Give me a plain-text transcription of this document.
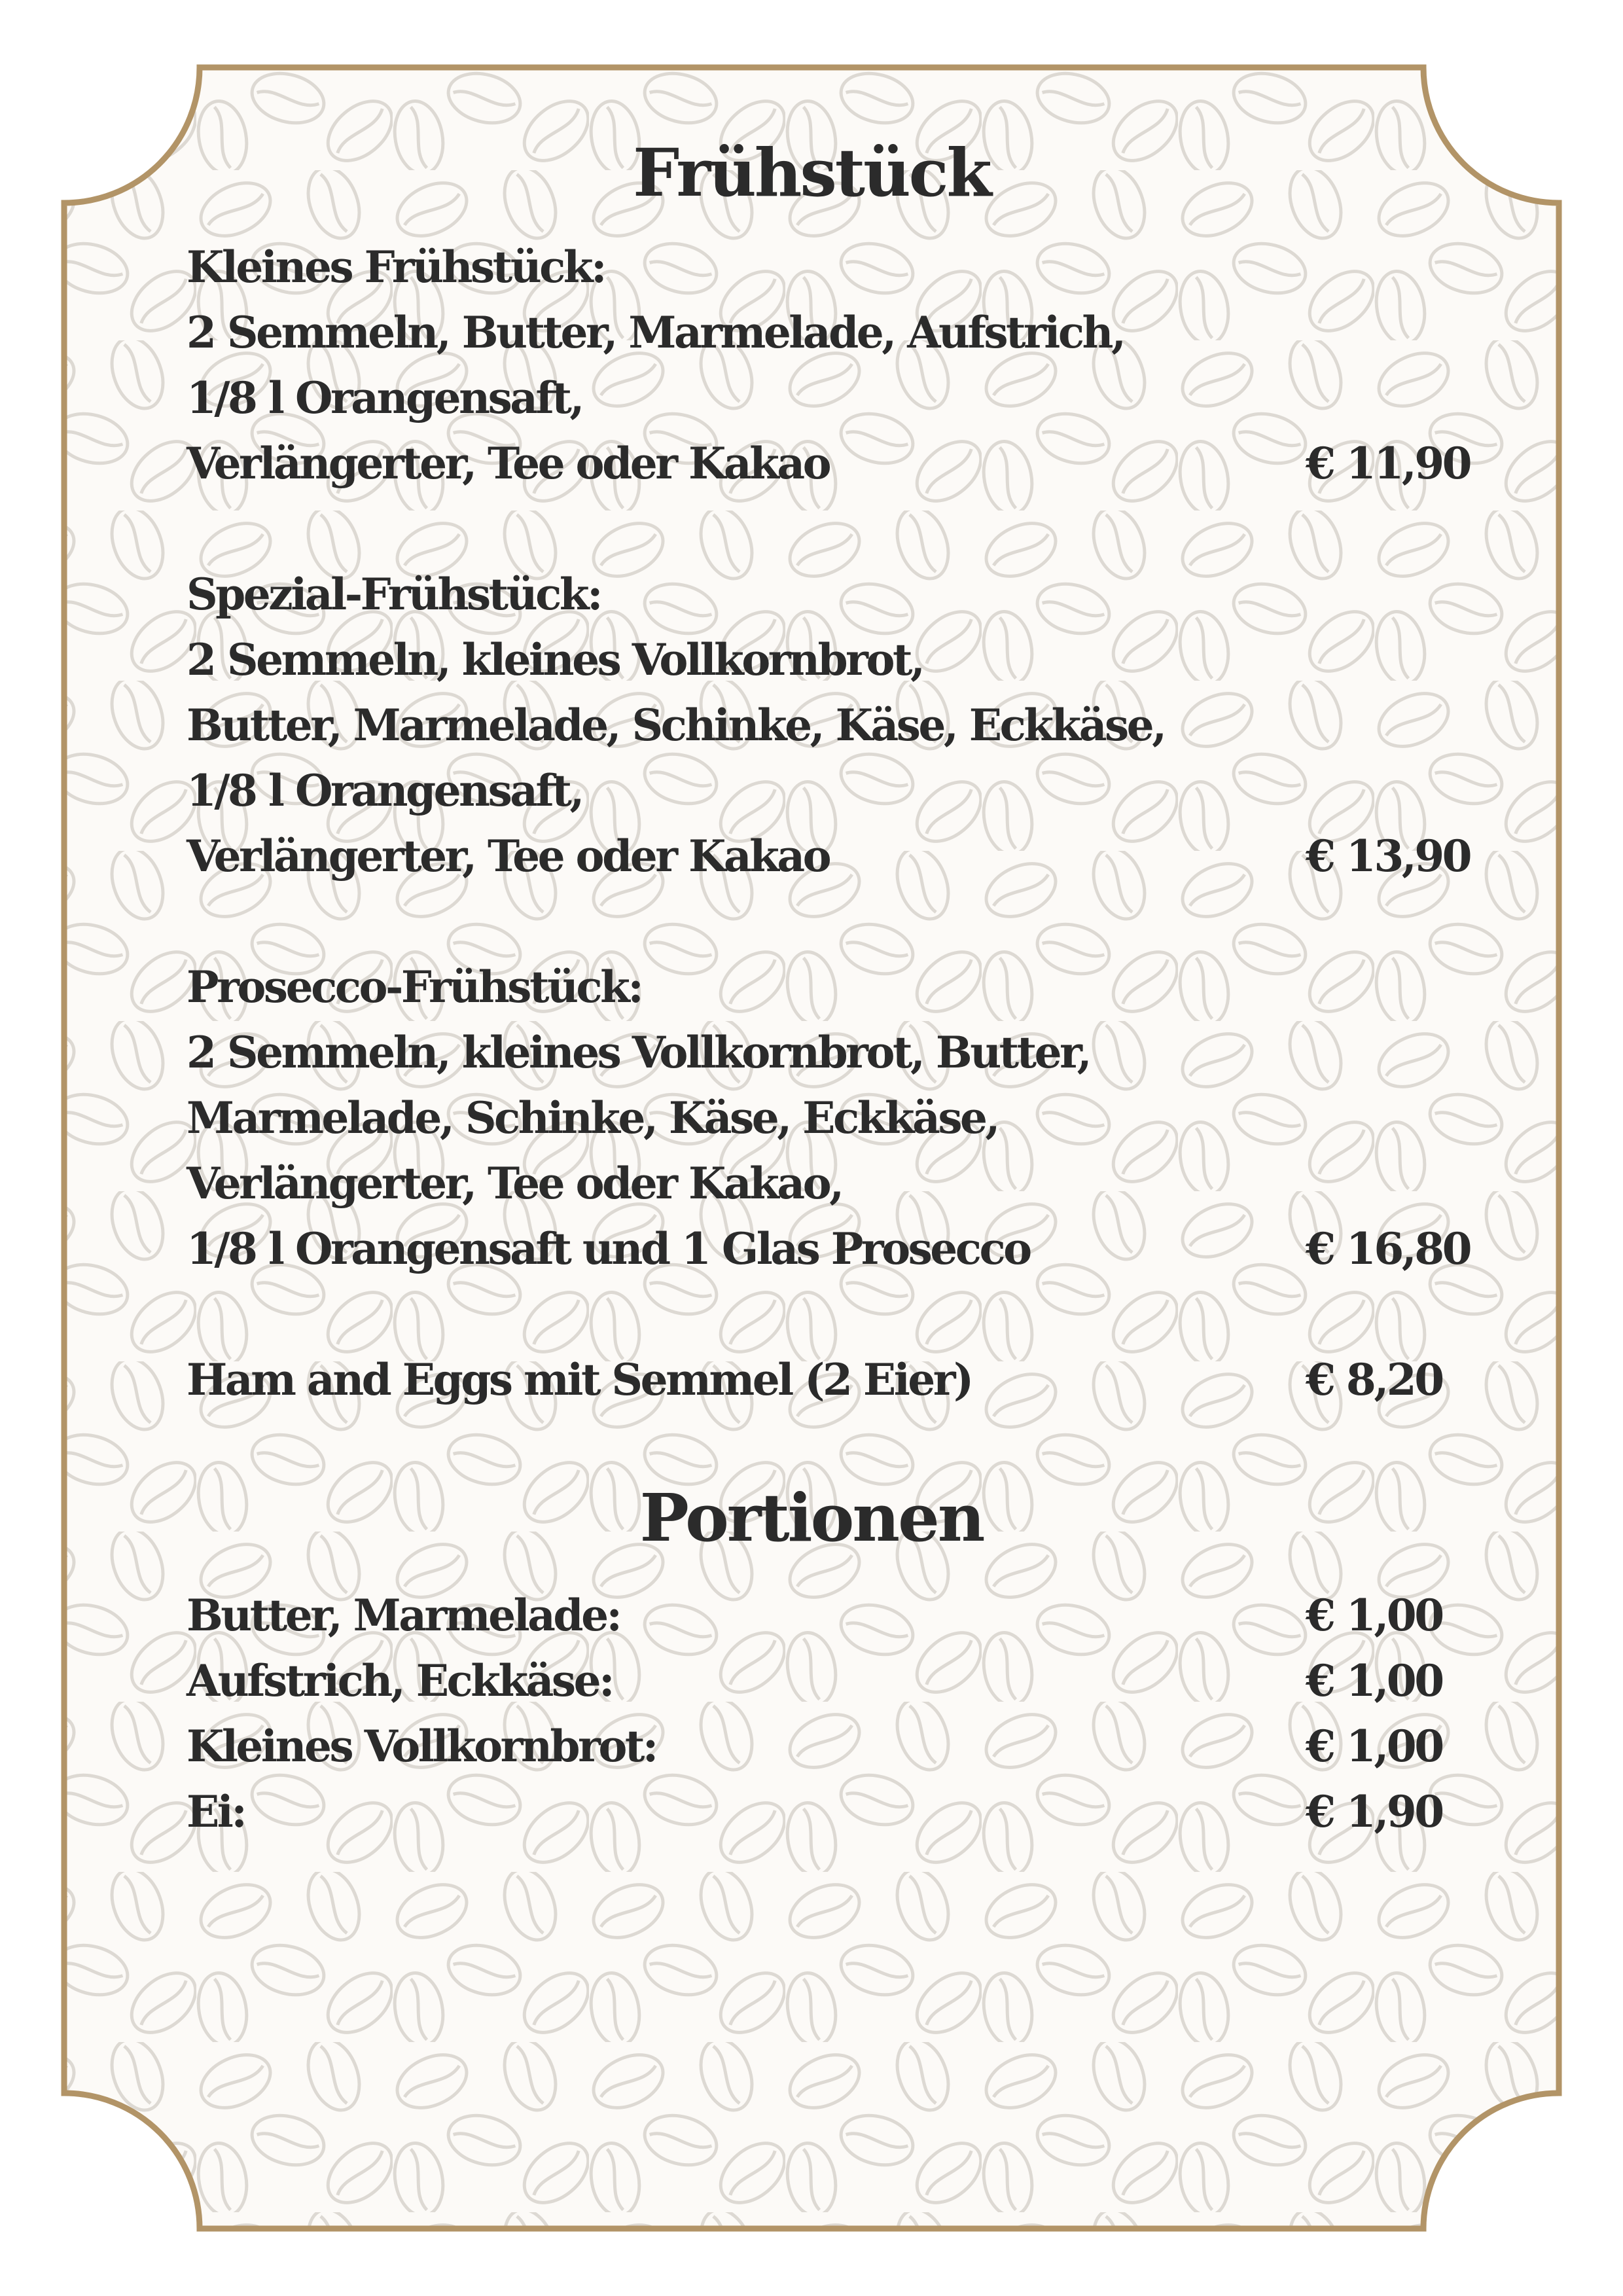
Frühstück
Kleines Frühstück:
2 Semmeln, Butter, Marmelade, Aufstrich,
1/8 l Orangensaft,
Verlängerter, Tee oder Kakao	€ 11,90
Spezial-Frühstück:
2 Semmeln, kleines Vollkornbrot,
Butter, Marmelade, Schinke, Käse, Eckkäse,
1/8 l Orangensaft,
Verlängerter, Tee oder Kakao	€ 13,90
Prosecco-Frühstück:
2 Semmeln, kleines Vollkornbrot, Butter,
Marmelade, Schinke, Käse, Eckkäse,
Verlängerter, Tee oder Kakao,
1/8 l Orangensaft und 1 Glas Prosecco	€ 16,80
Ham and Eggs mit Semmel (2 Eier)	€ 8,20
Portionen
Butter, Marmelade:	€ 1,00
Aufstrich, Eckkäse:	€ 1,00
Kleines Vollkornbrot:	€ 1,00
Ei:	€ 1,90
